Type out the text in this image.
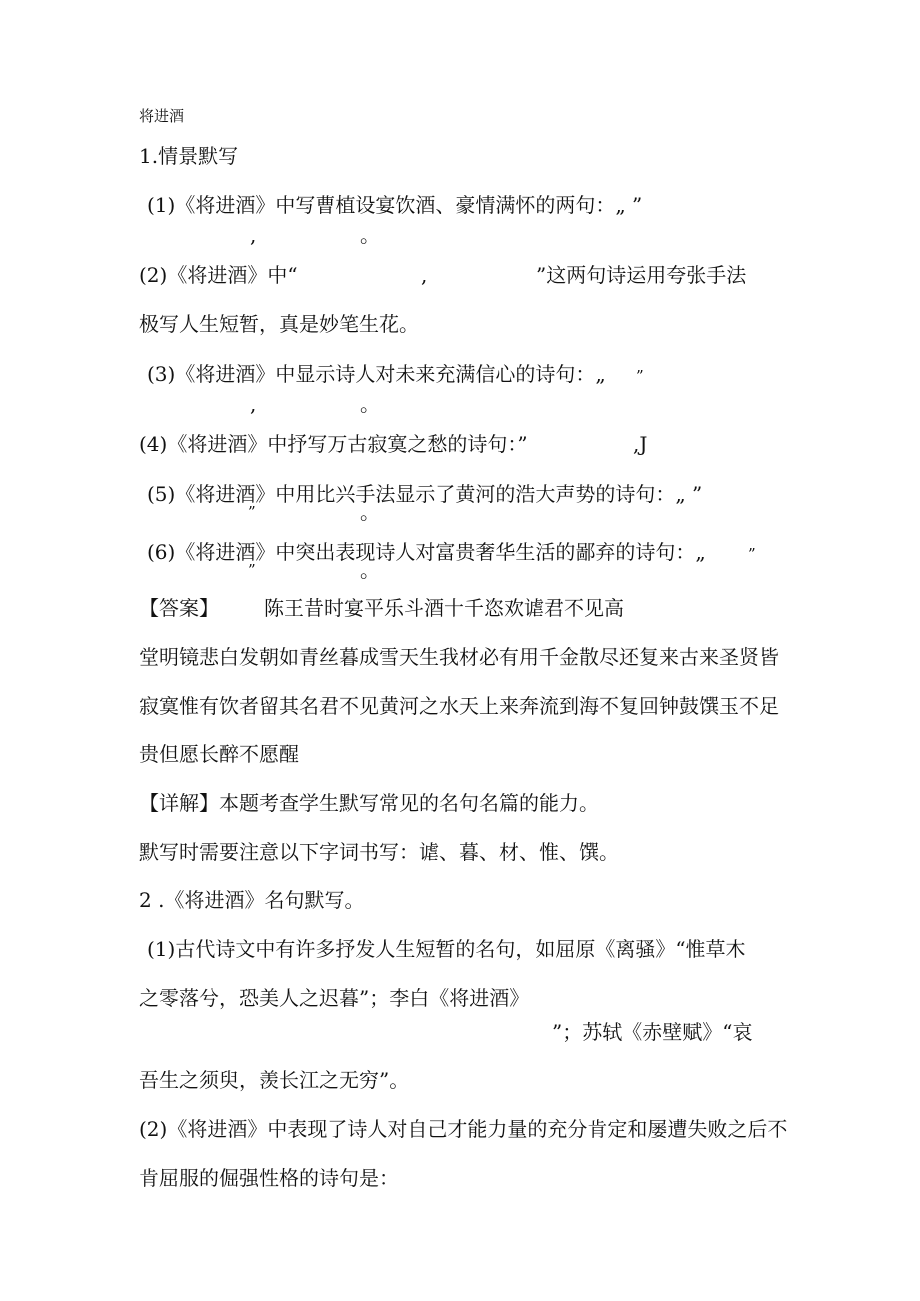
将进酒
1.情景默写
(1)《将进酒》中写曹植设宴饮酒、豪情满怀的两句：„ ”
,	。
(2)《将进酒》中“	,	”这两句诗运用夸张手法
极写人生短暂，真是妙笔生花。
(3)《将进酒》中显示诗人对未来充满信心的诗句：„ ”
,	。
(4)《将进酒》中抒写万古寂寞之愁的诗句：”	,J
(5)《将进酒》中用比兴手法显示了黄河的浩大声势的诗句：„ ”
”	。
(6)《将进酒》中突出表现诗人对富贵奢华生活的鄙弃的诗句：„	”
”	。
【答案】 陈王昔时宴平乐斗酒十千恣欢谑君不见高
堂明镜悲白发朝如青丝暮成雪天生我材必有用千金散尽还复来古来圣贤皆
寂寞惟有饮者留其名君不见黄河之水天上来奔流到海不复回钟鼓馔玉不足
贵但愿长醉不愿醒
【详解】本题考查学生默写常见的名句名篇的能力。
默写时需要注意以下字词书写：谑、暮、材、惟、馔。
2 .《将进酒》名句默写。
(1)古代诗文中有许多抒发人生短暂的名句，如屈原《离骚》“惟草木
之零落兮，恐美人之迟暮”；李白《将进酒》
”；苏轼《赤壁赋》“哀
吾生之须臾，羡长江之无穷”。
(2)《将进酒》中表现了诗人对自己才能力量的充分肯定和屡遭失败之后不
肯屈服的倔强性格的诗句是：
